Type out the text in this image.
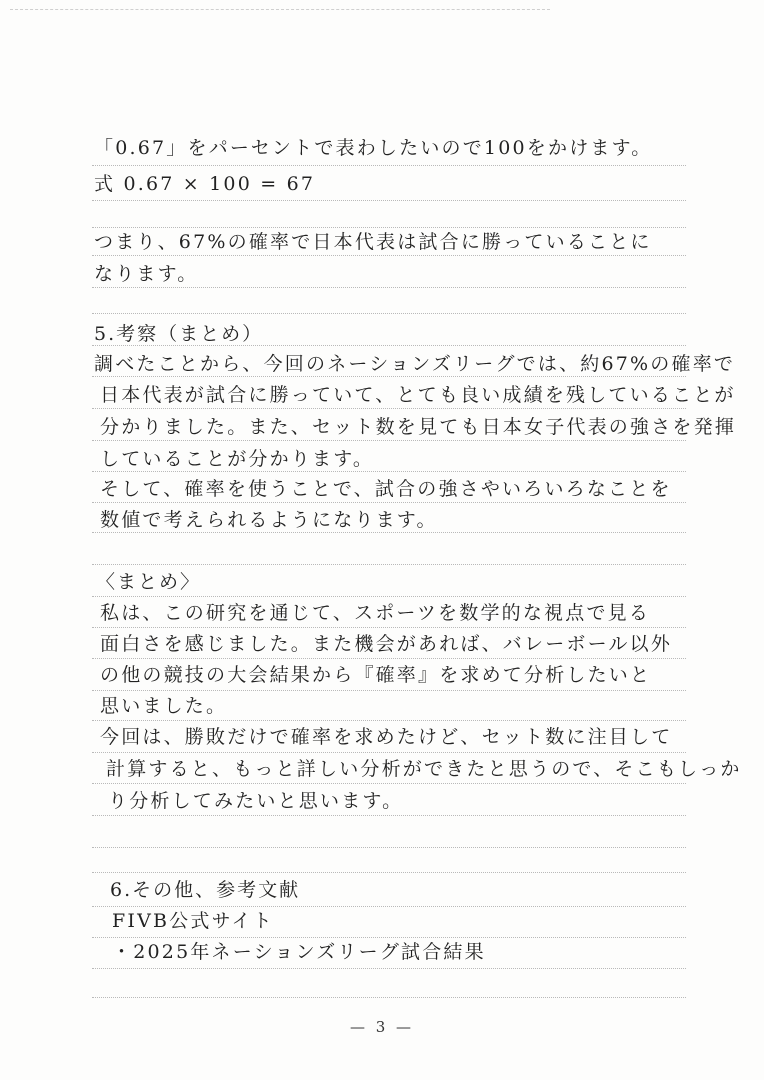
「0.67」をパーセントで表わしたいので100をかけます。
式 0.67 × 100 = 67
つまり、67%の確率で日本代表は試合に勝っていることに
なります。
5.考察（まとめ）
調べたことから、今回のネーションズリーグでは、約67%の確率で
日本代表が試合に勝っていて、とても良い成績を残していることが
分かりました。また、セット数を見ても日本女子代表の強さを発揮
していることが分かります。
そして、確率を使うことで、試合の強さやいろいろなことを
数値で考えられるようになります。
〈まとめ〉
私は、この研究を通じて、スポーツを数学的な視点で見る
面白さを感じました。また機会があれば、バレーボール以外
の他の競技の大会結果から『確率』を求めて分析したいと
思いました。
今回は、勝敗だけで確率を求めたけど、セット数に注目して
計算すると、もっと詳しい分析ができたと思うので、そこもしっか
り分析してみたいと思います。
6.その他、参考文献
FIVB公式サイト
・2025年ネーションズリーグ試合結果
— 3 —
